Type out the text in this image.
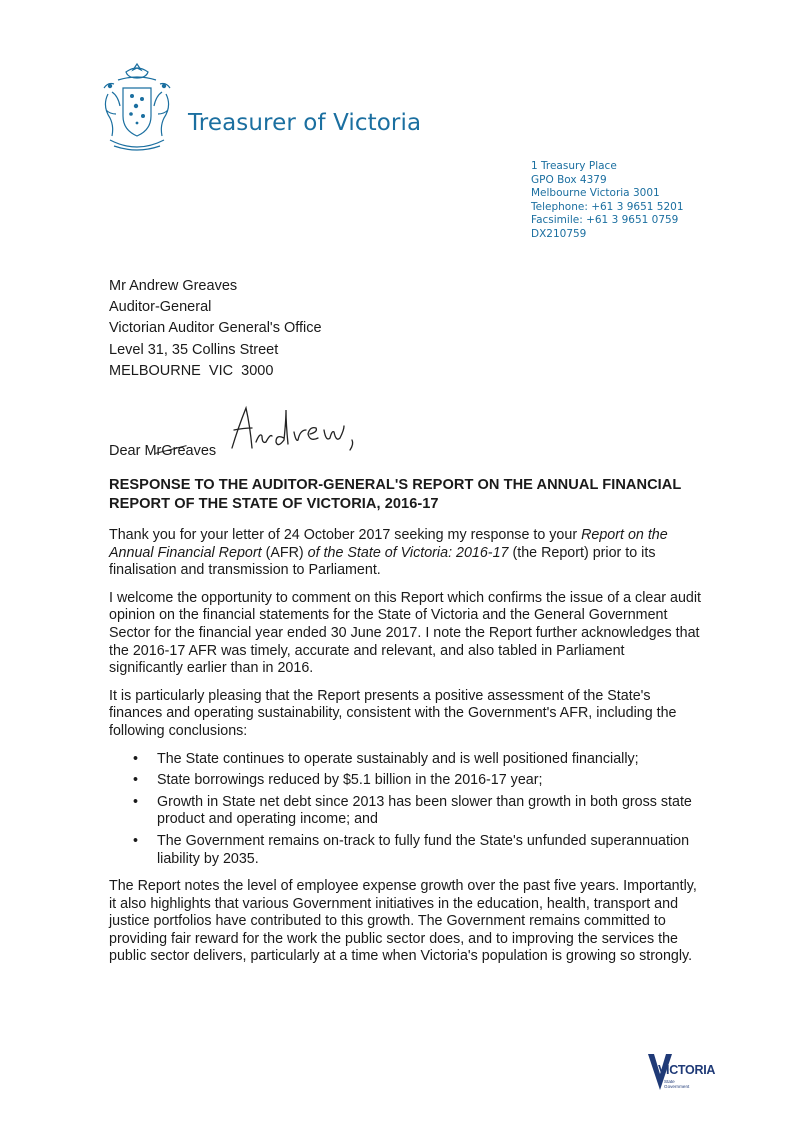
Treasurer of Victoria
1 Treasury Place
GPO Box 4379
Melbourne Victoria 3001
Telephone: +61 3 9651 5201
Facsimile: +61 3 9651 0759
DX210759
Mr Andrew Greaves
Auditor-General
Victorian Auditor General's Office
Level 31, 35 Collins Street
MELBOURNE  VIC  3000
Dear MrGreaves
RESPONSE TO THE AUDITOR-GENERAL'S REPORT ON THE ANNUAL FINANCIAL REPORT OF THE STATE OF VICTORIA, 2016-17

Thank you for your letter of 24 October 2017 seeking my response to your Report on the Annual Financial Report (AFR) of the State of Victoria: 2016-17 (the Report) prior to its finalisation and transmission to Parliament.

I welcome the opportunity to comment on this Report which confirms the issue of a clear audit opinion on the financial statements for the State of Victoria and the General Government Sector for the financial year ended 30 June 2017. I note the Report further acknowledges that the 2016-17 AFR was timely, accurate and relevant, and also tabled in Parliament significantly earlier than in 2016.

It is particularly pleasing that the Report presents a positive assessment of the State's finances and operating sustainability, consistent with the Government's AFR, including the following conclusions:

• The State continues to operate sustainably and is well positioned financially;
• State borrowings reduced by $5.1 billion in the 2016-17 year;
• Growth in State net debt since 2013 has been slower than growth in both gross state product and operating income; and
• The Government remains on-track to fully fund the State's unfunded superannuation liability by 2035.

The Report notes the level of employee expense growth over the past five years. Importantly, it also highlights that various Government initiatives in the education, health, transport and justice portfolios have contributed to this growth. The Government remains committed to providing fair reward for the work the public sector does, and to improving the services the public sector delivers, particularly at a time when Victoria's population is growing so strongly.

VICTORIA
State
Government
